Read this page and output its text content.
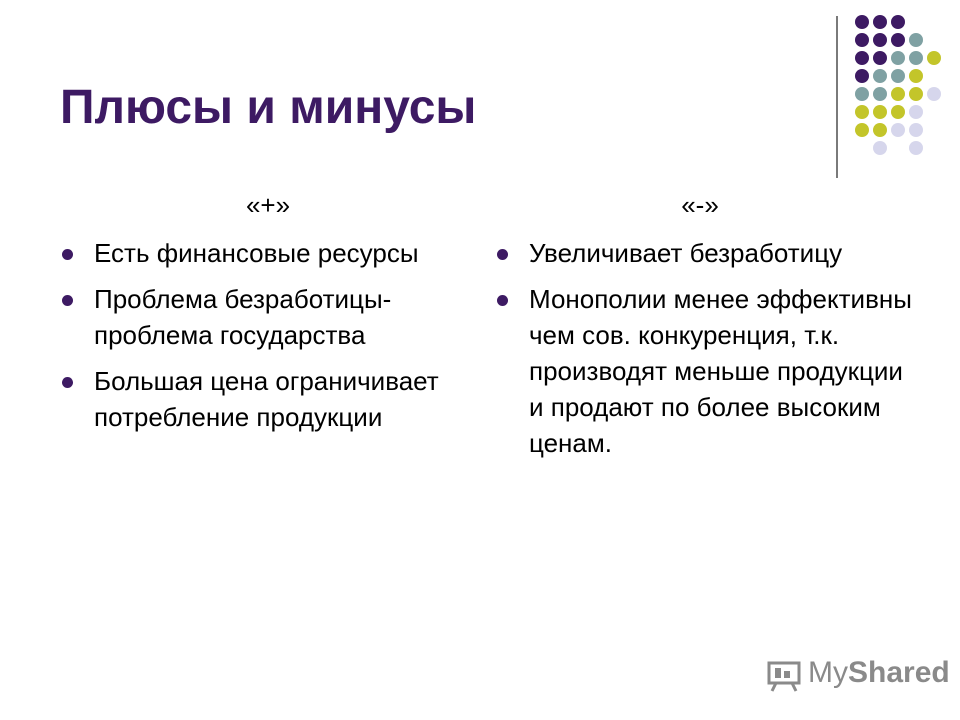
Плюсы и минусы
«+»
Есть финансовые ресурсы
Проблема безработицы-проблема государства
Большая цена ограничивает потребление продукции
«-»
Увеличивает безработицу
Монополии менее эффективны чем сов. конкуренция, т.к. производят меньше продукции и продают по более высоким ценам.
MyShared
